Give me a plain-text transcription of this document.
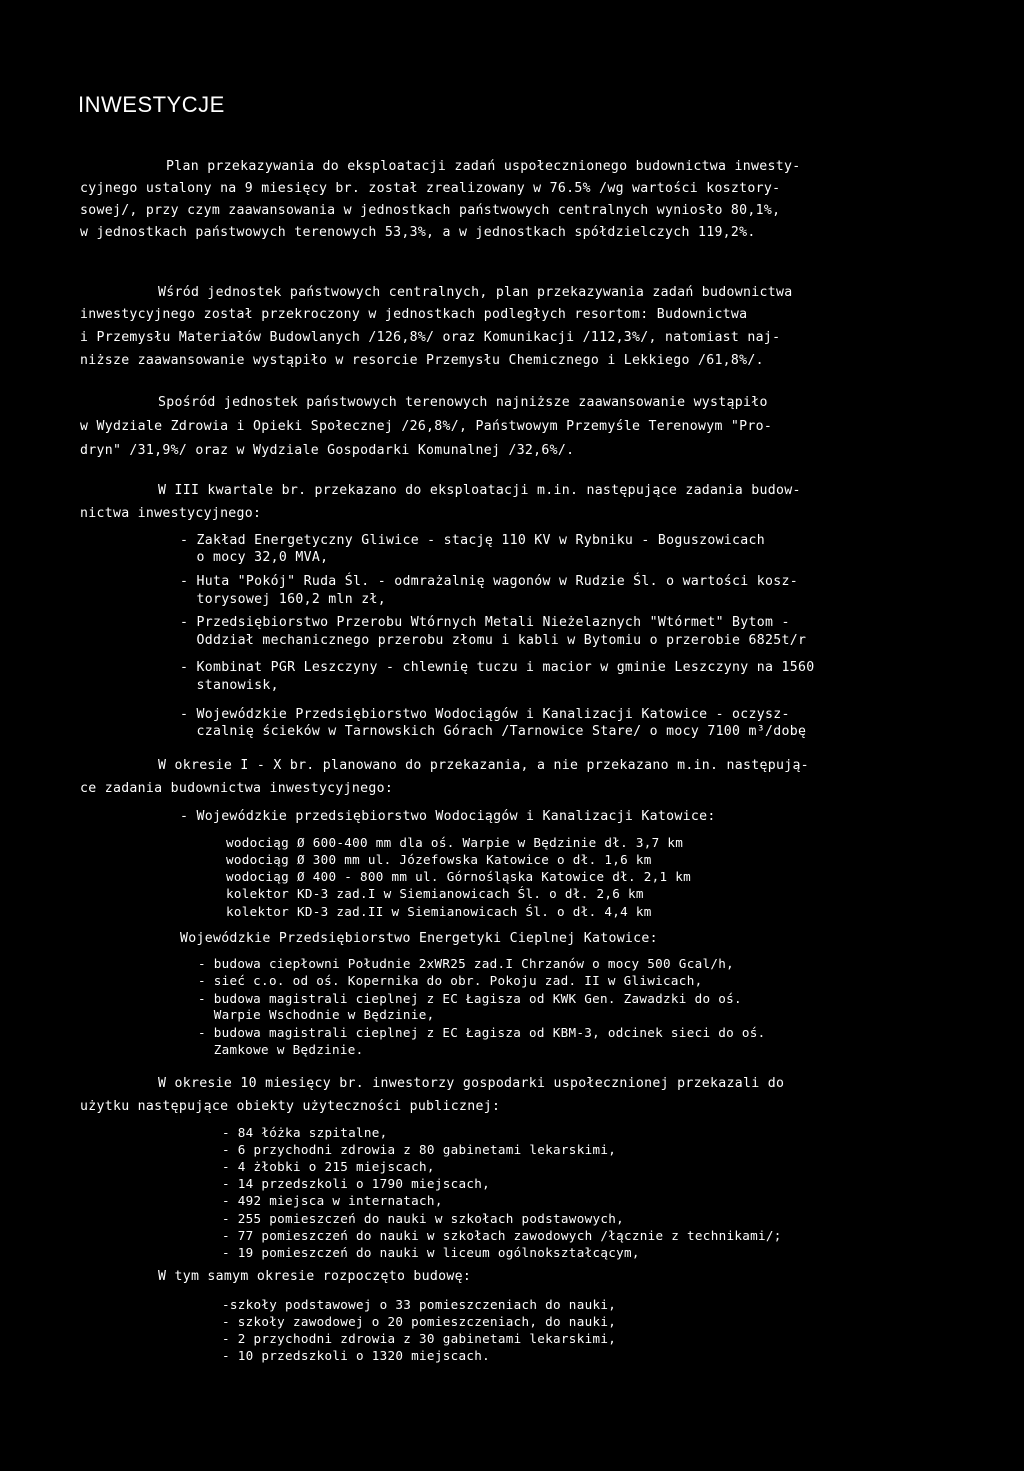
INWESTYCJE
Plan przekazywania do eksploatacji zadań uspołecznionego budownictwa inwesty-
cyjnego ustalony na 9 miesięcy br. został zrealizowany w 76.5% /wg wartości kosztory-
sowej/, przy czym zaawansowania w jednostkach państwowych centralnych wyniosło 80,1%,
w jednostkach państwowych terenowych 53,3%, a w jednostkach spółdzielczych 119,2%.
Wśród jednostek państwowych centralnych, plan przekazywania zadań budownictwa
inwestycyjnego został przekroczony w jednostkach podległych resortom: Budownictwa
i Przemysłu Materiałów Budowlanych /126,8%/ oraz Komunikacji /112,3%/, natomiast naj-
niższe zaawansowanie wystąpiło w resorcie Przemysłu Chemicznego i Lekkiego /61,8%/.
Spośród jednostek państwowych terenowych najniższe zaawansowanie wystąpiło
w Wydziale Zdrowia i Opieki Społecznej /26,8%/, Państwowym Przemyśle Terenowym "Pro-
dryn" /31,9%/ oraz w Wydziale Gospodarki Komunalnej /32,6%/.
W III kwartale br. przekazano do eksploatacji m.in. następujące zadania budow-
nictwa inwestycyjnego:
- Zakład Energetyczny Gliwice - stację 110 KV w Rybniku - Boguszowicach
o mocy 32,0 MVA,
- Huta "Pokój" Ruda Śl. - odmrażalnię wagonów w Rudzie Śl. o wartości kosz-
torysowej 160,2 mln zł,
- Przedsiębiorstwo Przerobu Wtórnych Metali Nieżelaznych "Wtórmet" Bytom -
Oddział mechanicznego przerobu złomu i kabli w Bytomiu o przerobie 6825t/r
- Kombinat PGR Leszczyny - chlewnię tuczu i macior w gminie Leszczyny na 1560
stanowisk,
- Wojewódzkie Przedsiębiorstwo Wodociągów i Kanalizacji Katowice - oczysz-
czalnię ścieków w Tarnowskich Górach /Tarnowice Stare/ o mocy 7100 m³/dobę
W okresie I - X br. planowano do przekazania, a nie przekazano m.in. następują-
ce zadania budownictwa inwestycyjnego:
- Wojewódzkie przedsiębiorstwo Wodociągów i Kanalizacji Katowice:
wodociąg Ø 600-400 mm dla oś. Warpie w Będzinie dł. 3,7 km
wodociąg Ø 300 mm ul. Józefowska Katowice o dł. 1,6 km
wodociąg Ø 400 - 800 mm ul. Górnośląska Katowice dł. 2,1 km
kolektor KD-3 zad.I w Siemianowicach Śl. o dł. 2,6 km
kolektor KD-3 zad.II w Siemianowicach Śl. o dł. 4,4 km
Wojewódzkie Przedsiębiorstwo Energetyki Cieplnej Katowice:
- budowa ciepłowni Południe 2xWR25 zad.I Chrzanów o mocy 500 Gcal/h,
- sieć c.o. od oś. Kopernika do obr. Pokoju zad. II w Gliwicach,
- budowa magistrali cieplnej z EC Łagisza od KWK Gen. Zawadzki do oś.
Warpie Wschodnie w Będzinie,
- budowa magistrali cieplnej z EC Łagisza od KBM-3, odcinek sieci do oś.
Zamkowe w Będzinie.
W okresie 10 miesięcy br. inwestorzy gospodarki uspołecznionej przekazali do
użytku następujące obiekty użyteczności publicznej:
- 84 łóżka szpitalne,
- 6 przychodni zdrowia z 80 gabinetami lekarskimi,
- 4 żłobki o 215 miejscach,
- 14 przedszkoli o 1790 miejscach,
- 492 miejsca w internatach,
- 255 pomieszczeń do nauki w szkołach podstawowych,
- 77 pomieszczeń do nauki w szkołach zawodowych /łącznie z technikami/;
- 19 pomieszczeń do nauki w liceum ogólnokształcącym,
W tym samym okresie rozpoczęto budowę:
-szkoły podstawowej o 33 pomieszczeniach do nauki,
- szkoły zawodowej o 20 pomieszczeniach, do nauki,
- 2 przychodni zdrowia z 30 gabinetami lekarskimi,
- 10 przedszkoli o 1320 miejscach.
